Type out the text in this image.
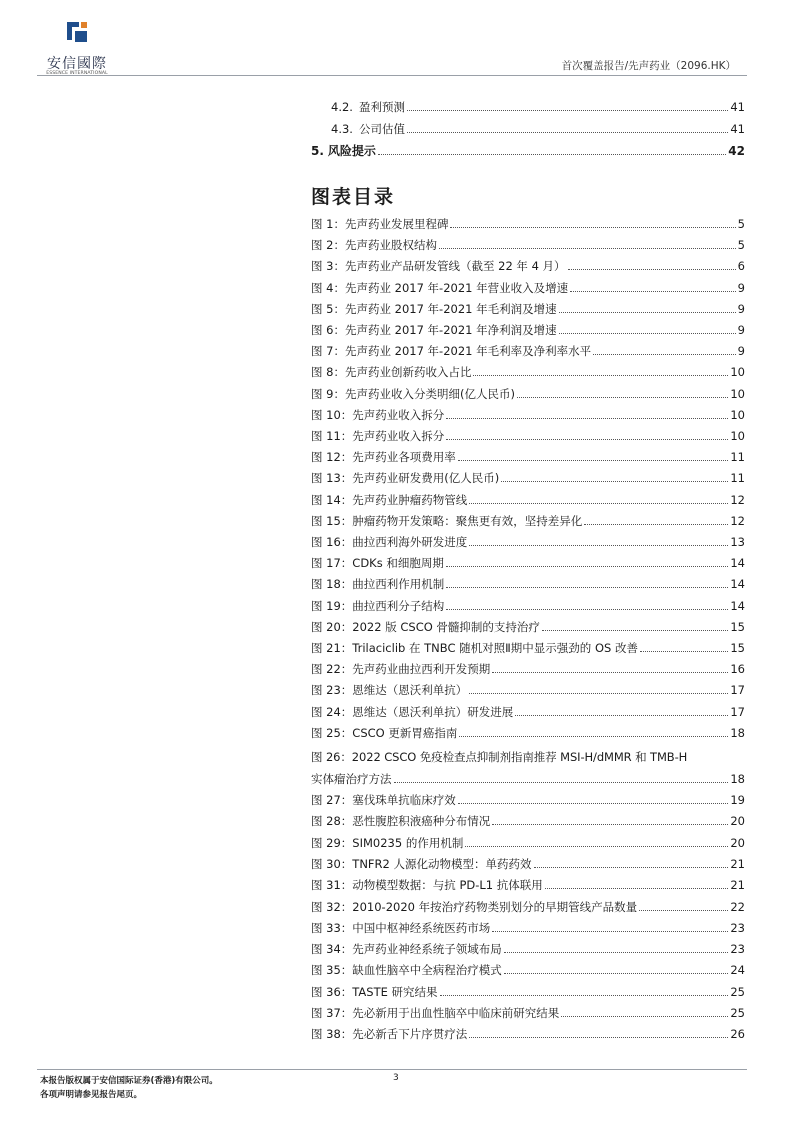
安信國際
ESSENCE INTERNATIONAL
首次覆盖报告/先声药业（2096.HK）
4.2. 盈利预测	41
4.3. 公司估值	41
5. 风险提示	42
图表目录
图 1：先声药业发展里程碑	5
图 2：先声药业股权结构	5
图 3：先声药业产品研发管线（截至 22 年 4 月）	6
图 4：先声药业 2017 年-2021 年营业收入及增速	9
图 5：先声药业 2017 年-2021 年毛利润及增速	9
图 6：先声药业 2017 年-2021 年净利润及增速	9
图 7：先声药业 2017 年-2021 年毛利率及净利率水平	9
图 8：先声药业创新药收入占比	10
图 9：先声药业收入分类明细(亿人民币)	10
图 10：先声药业收入拆分	10
图 11：先声药业收入拆分	10
图 12：先声药业各项费用率	11
图 13：先声药业研发费用(亿人民币)	11
图 14：先声药业肿瘤药物管线	12
图 15：肿瘤药物开发策略：聚焦更有效，坚持差异化	12
图 16：曲拉西利海外研发进度	13
图 17：CDKs 和细胞周期	14
图 18：曲拉西利作用机制	14
图 19：曲拉西利分子结构	14
图 20：2022 版 CSCO 骨髓抑制的支持治疗	15
图 21：Trilaciclib 在 TNBC 随机对照Ⅱ期中显示强劲的 OS 改善	15
图 22：先声药业曲拉西利开发预期	16
图 23：恩维达（恩沃利单抗）	17
图 24：恩维达（恩沃利单抗）研发进展	17
图 25：CSCO 更新胃癌指南	18
图 26：2022 CSCO 免疫检查点抑制剂指南推荐 MSI-H/dMMR 和 TMB-H
实体瘤治疗方法	18
图 27：塞伐珠单抗临床疗效	19
图 28：恶性腹腔积液癌种分布情况	20
图 29：SIM0235 的作用机制	20
图 30：TNFR2 人源化动物模型：单药药效	21
图 31：动物模型数据：与抗 PD-L1 抗体联用	21
图 32：2010-2020 年按治疗药物类别划分的早期管线产品数量	22
图 33：中国中枢神经系统医药市场	23
图 34：先声药业神经系统子领域布局	23
图 35：缺血性脑卒中全病程治疗模式	24
图 36：TASTE 研究结果	25
图 37：先必新用于出血性脑卒中临床前研究结果	25
图 38：先必新舌下片序贯疗法	26
本报告版权属于安信国际证券(香港)有限公司。
各项声明请参见报告尾页。
3
